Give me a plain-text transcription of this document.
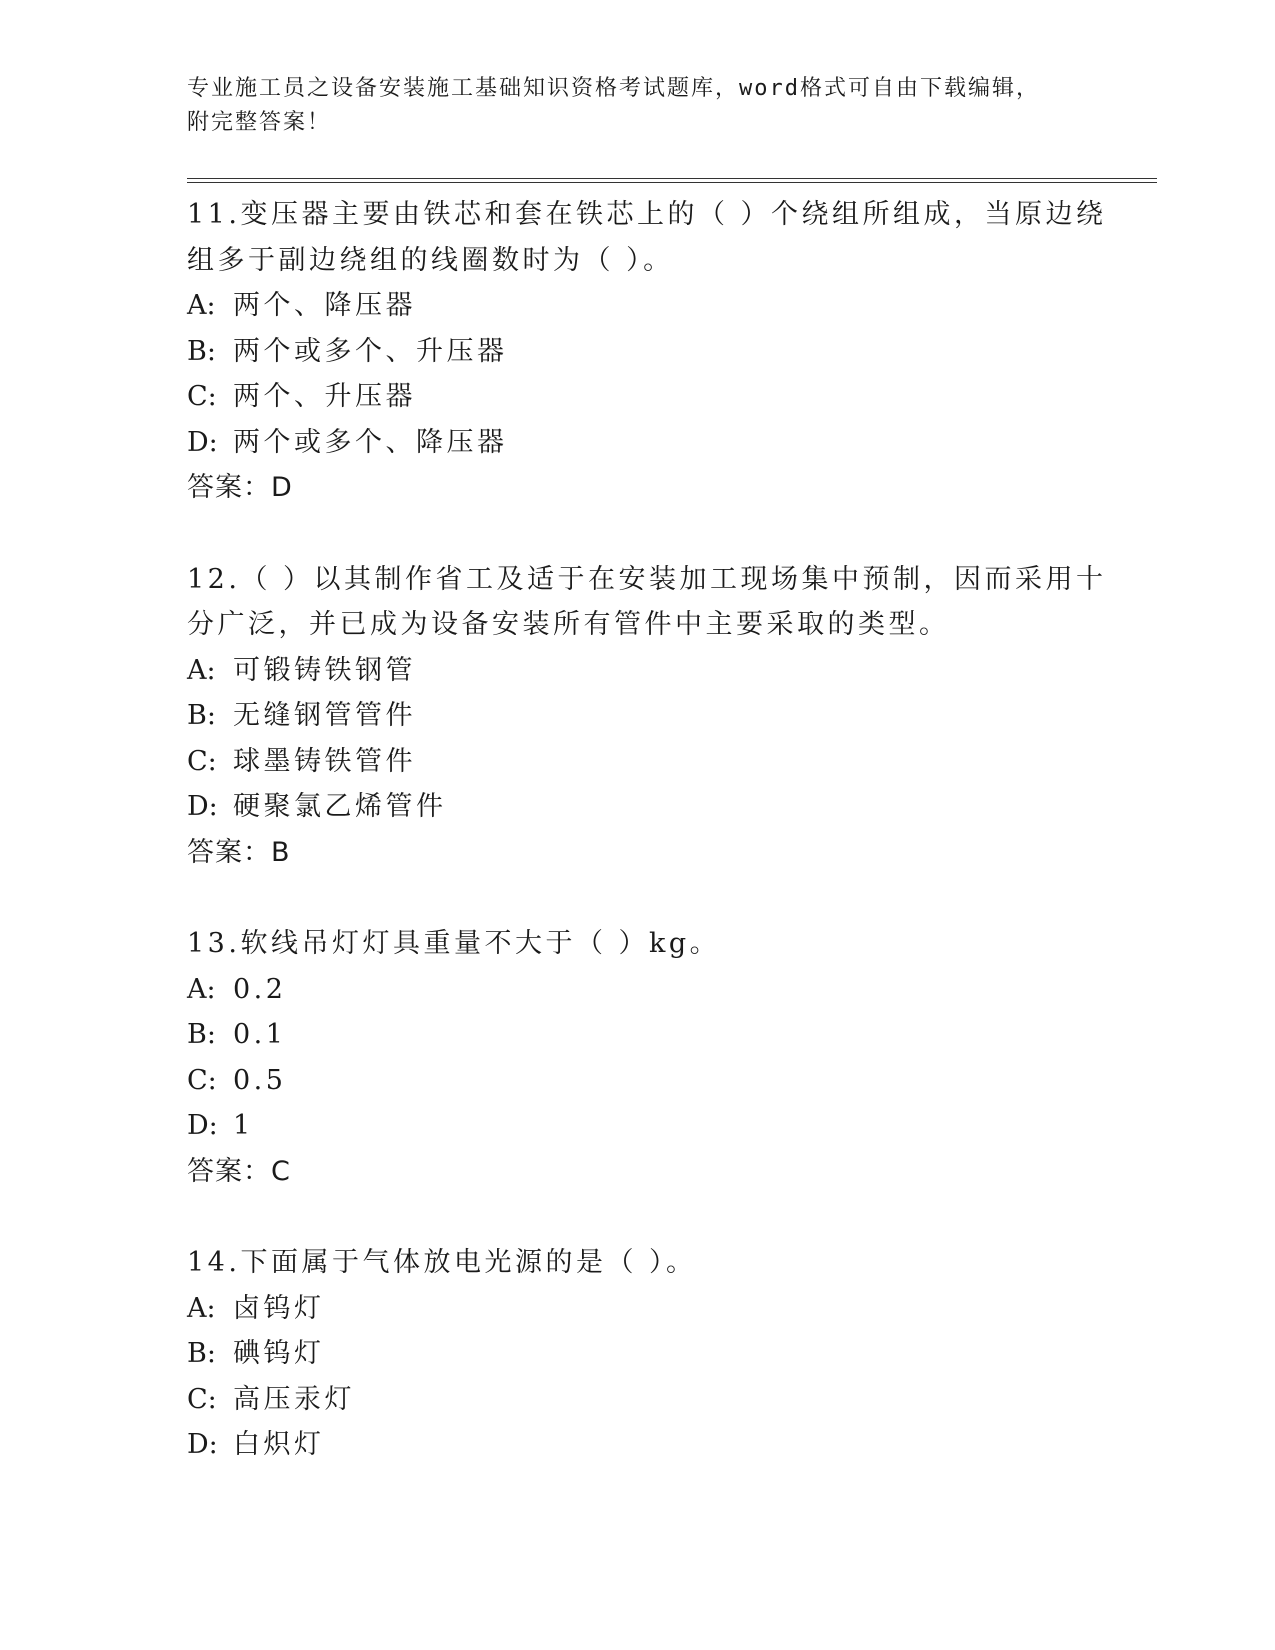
专业施工员之设备安装施工基础知识资格考试题库，word格式可自由下载编辑，
附完整答案！
11.变压器主要由铁芯和套在铁芯上的（ ）个绕组所组成，当原边绕
组多于副边绕组的线圈数时为（ ）。
A: 两个、降压器
B: 两个或多个、升压器
C: 两个、升压器
D: 两个或多个、降压器
答案：D
12.（ ）以其制作省工及适于在安装加工现场集中预制，因而采用十
分广泛，并已成为设备安装所有管件中主要采取的类型。
A: 可锻铸铁钢管
B: 无缝钢管管件
C: 球墨铸铁管件
D: 硬聚氯乙烯管件
答案：B
13.软线吊灯灯具重量不大于（ ）kg。
A: 0.2
B: 0.1
C: 0.5
D: 1
答案：C
14.下面属于气体放电光源的是（ ）。
A: 卤钨灯
B: 碘钨灯
C: 高压汞灯
D: 白炽灯
